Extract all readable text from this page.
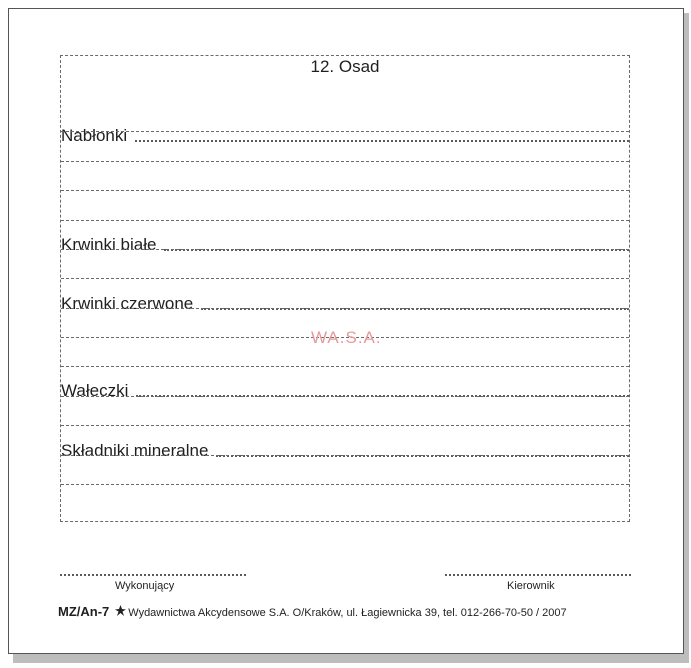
12. Osad
Nabłonki
Krwinki białe
Krwinki czerwone
Wałeczki
Składniki mineralne
WA.S.A.
Wykonujący	Kierownik
MZ/An-7 Wydawnictwa Akcydensowe S.A. O/Kraków, ul. Łagiewnicka 39, tel. 012-266-70-50 / 2007
